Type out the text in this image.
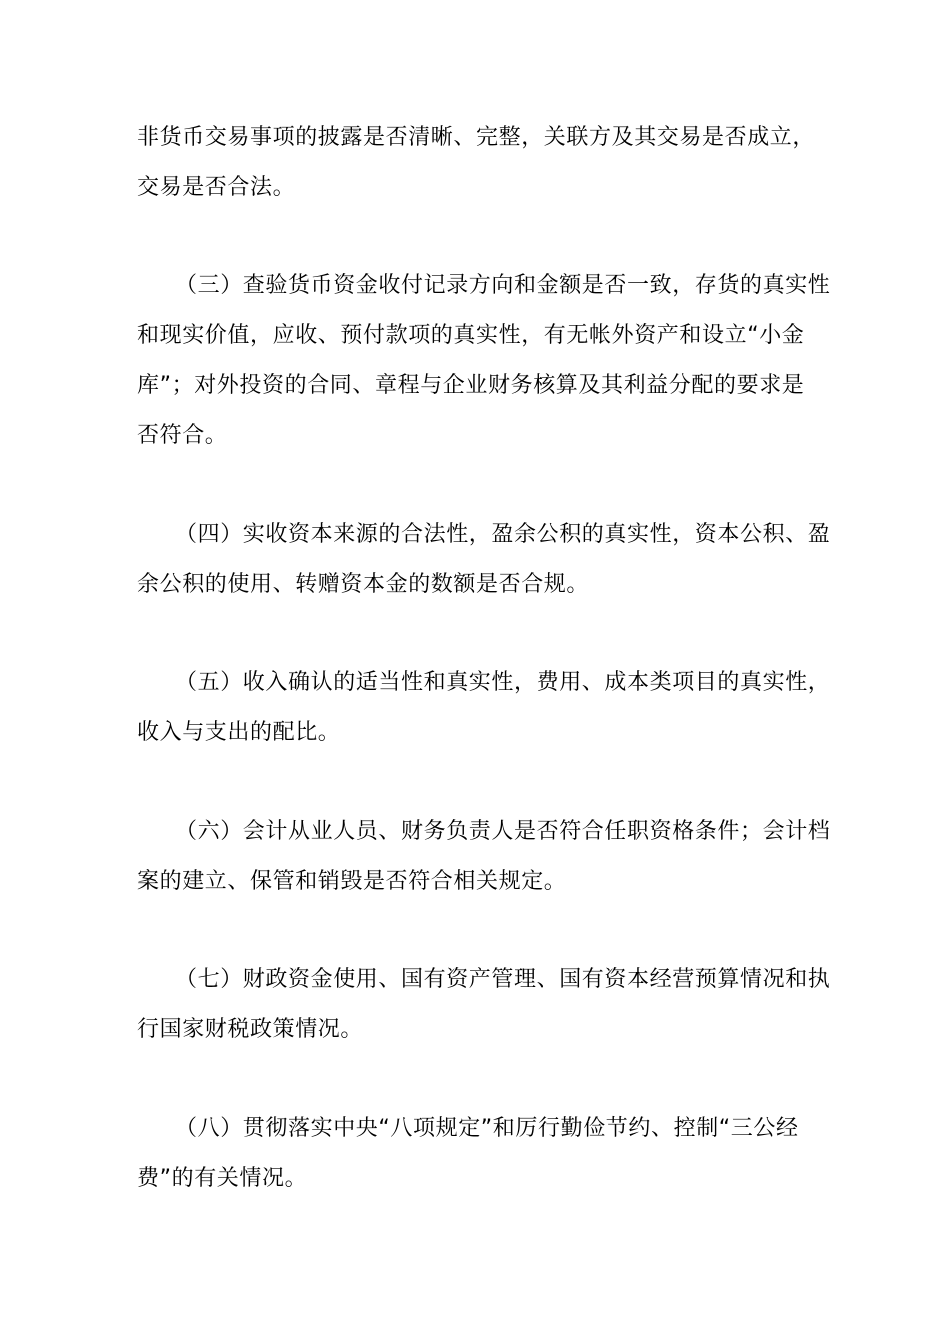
非货币交易事项的披露是否清晰、完整，关联方及其交易是否成立，
交易是否合法。

（三）查验货币资金收付记录方向和金额是否一致，存货的真实性
和现实价值，应收、预付款项的真实性，有无帐外资产和设立“小金
库”；对外投资的合同、章程与企业财务核算及其利益分配的要求是
否符合。

（四）实收资本来源的合法性，盈余公积的真实性，资本公积、盈
余公积的使用、转赠资本金的数额是否合规。

（五）收入确认的适当性和真实性，费用、成本类项目的真实性，
收入与支出的配比。

（六）会计从业人员、财务负责人是否符合任职资格条件；会计档
案的建立、保管和销毁是否符合相关规定。

（七）财政资金使用、国有资产管理、国有资本经营预算情况和执
行国家财税政策情况。

（八）贯彻落实中央“八项规定”和厉行勤俭节约、控制“三公经
费”的有关情况。
